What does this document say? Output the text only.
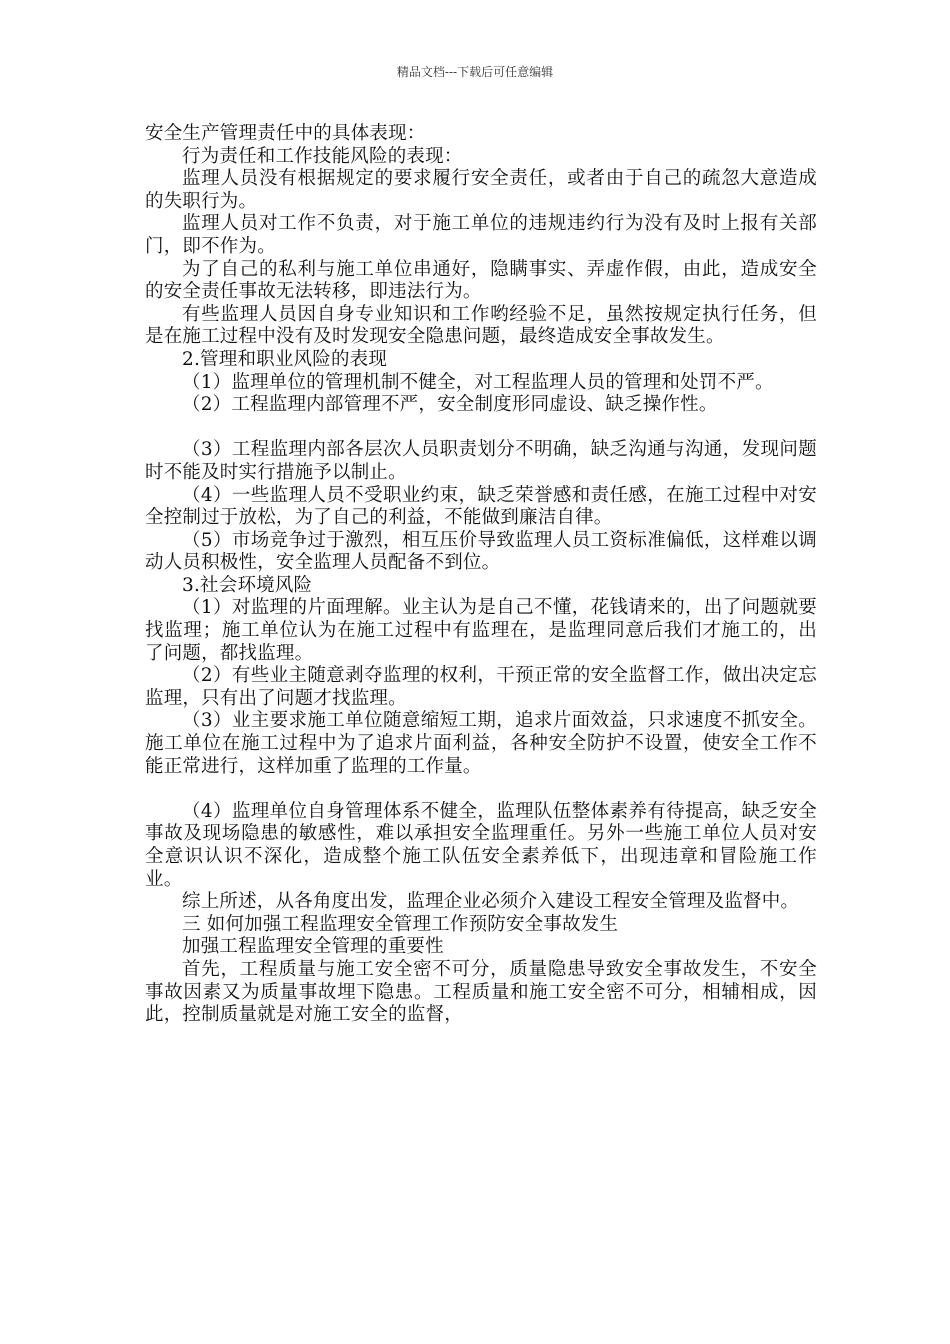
精品文档---下载后可任意编辑

安全生产管理责任中的具体表现：

行为责任和工作技能风险的表现：

监理人员没有根据规定的要求履行安全责任，或者由于自己的疏忽大意造成的失职行为。

监理人员对工作不负责，对于施工单位的违规违约行为没有及时上报有关部门，即不作为。

为了自己的私利与施工单位串通好，隐瞒事实、弄虚作假，由此，造成安全的安全责任事故无法转移，即违法行为。

有些监理人员因自身专业知识和工作哟经验不足，虽然按规定执行任务，但是在施工过程中没有及时发现安全隐患问题，最终造成安全事故发生。

2.管理和职业风险的表现

（1）监理单位的管理机制不健全，对工程监理人员的管理和处罚不严。

（2）工程监理内部管理不严，安全制度形同虚设、缺乏操作性。

（3）工程监理内部各层次人员职责划分不明确，缺乏沟通与沟通，发现问题时不能及时实行措施予以制止。

（4）一些监理人员不受职业约束，缺乏荣誉感和责任感，在施工过程中对安全控制过于放松，为了自己的利益，不能做到廉洁自律。

（5）市场竞争过于激烈，相互压价导致监理人员工资标准偏低，这样难以调动人员积极性，安全监理人员配备不到位。

3.社会环境风险

（1）对监理的片面理解。业主认为是自己不懂，花钱请来的，出了问题就要找监理；施工单位认为在施工过程中有监理在，是监理同意后我们才施工的，出了问题，都找监理。

（2）有些业主随意剥夺监理的权利，干预正常的安全监督工作，做出决定忘监理，只有出了问题才找监理。

（3）业主要求施工单位随意缩短工期，追求片面效益，只求速度不抓安全。施工单位在施工过程中为了追求片面利益，各种安全防护不设置，使安全工作不能正常进行，这样加重了监理的工作量。

（4）监理单位自身管理体系不健全，监理队伍整体素养有待提高，缺乏安全事故及现场隐患的敏感性，难以承担安全监理重任。另外一些施工单位人员对安全意识认识不深化，造成整个施工队伍安全素养低下，出现违章和冒险施工作业。

综上所述，从各角度出发，监理企业必须介入建设工程安全管理及监督中。

三 如何加强工程监理安全管理工作预防安全事故发生

加强工程监理安全管理的重要性

首先，工程质量与施工安全密不可分，质量隐患导致安全事故发生，不安全事故因素又为质量事故埋下隐患。工程质量和施工安全密不可分，相辅相成，因此，控制质量就是对施工安全的监督，
